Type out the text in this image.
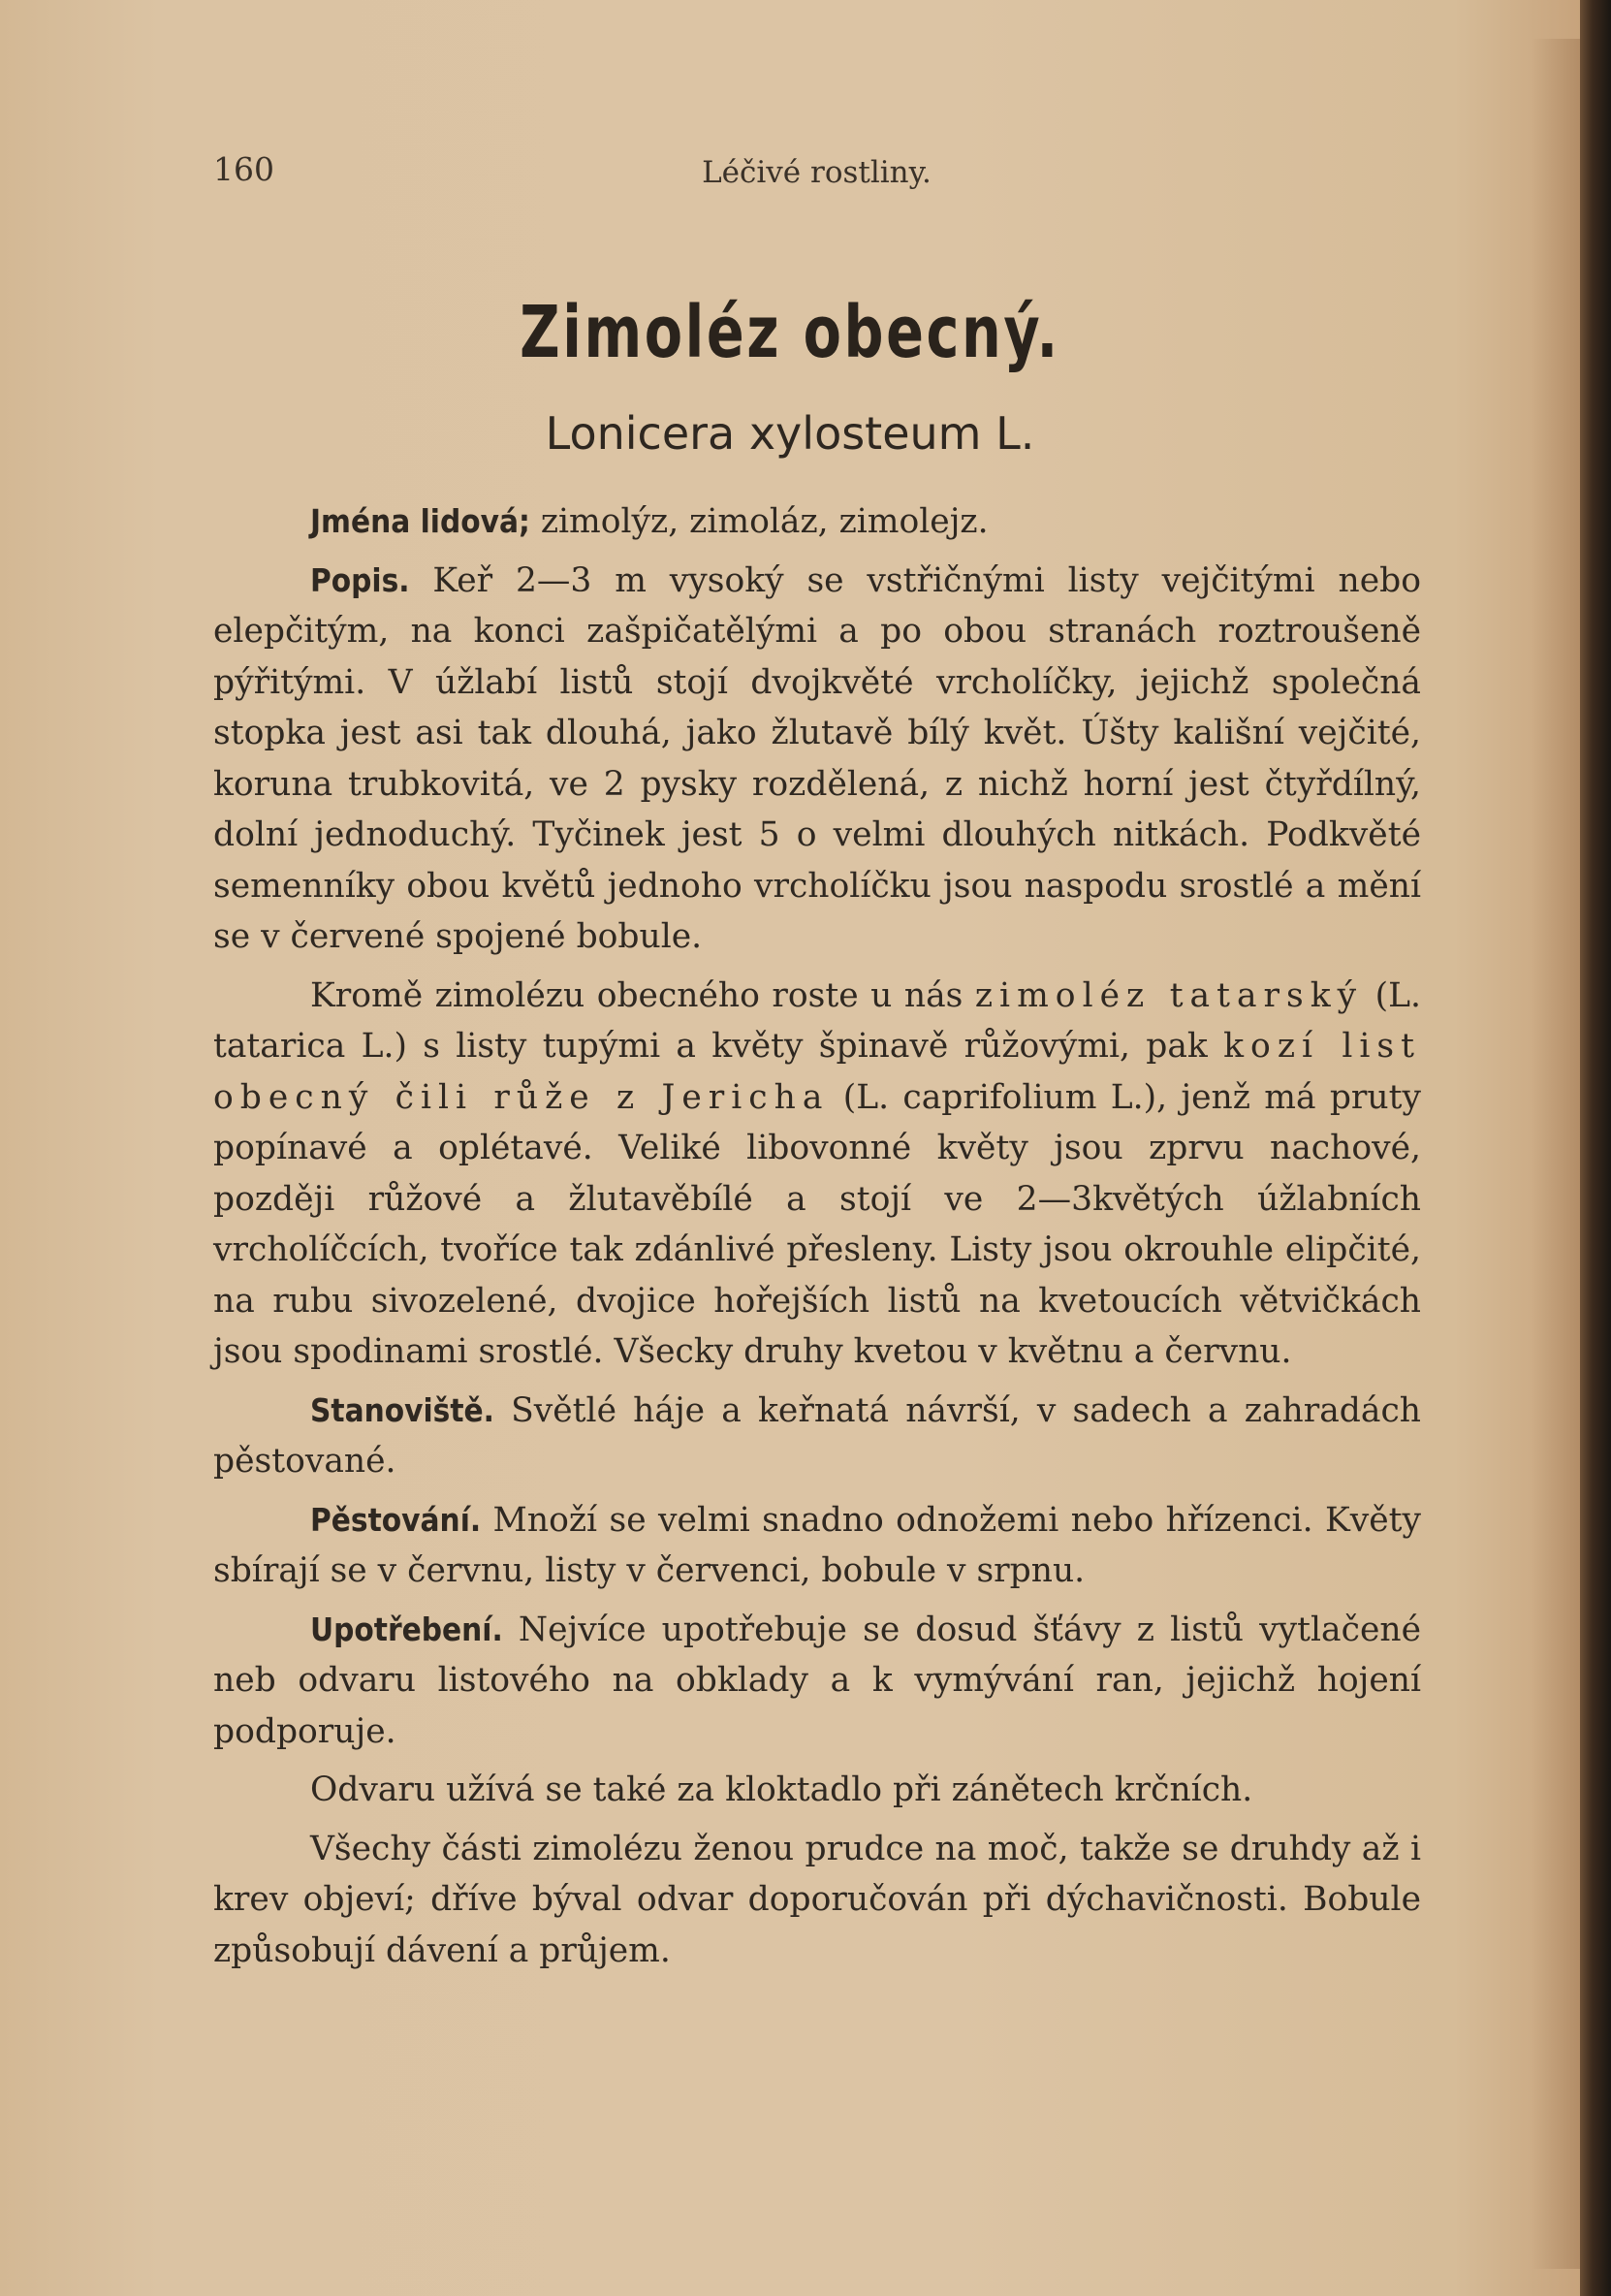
160	Léčivé rostliny.
Zimoléz obecný.
Lonicera xylosteum L.

Jména lidová; zimolýz, zimoláz, zimolejz.

Popis. Keř 2—3 m vysoký se vstřičnými listy vejčitými nebo elepčitým, na konci zašpičatělými a po obou stranách roztroušeně pýřitými. V úžlabí listů stojí dvojkvěté vrcholíčky, jejichž společná stopka jest asi tak dlouhá, jako žlutavě bílý květ. Úšty kališní vejčité, koruna trubkovitá, ve 2 pysky rozdělená, z nichž horní jest čtyřdílný, dolní jednoduchý. Tyčinek jest 5 o velmi dlouhých nitkách. Podkvěté semenníky obou květů jednoho vrcholíčku jsou naspodu srostlé a mění se v červené spojené bobule.

Kromě zimolézu obecného roste u nás zimoléz tatarský (L. tatarica L.) s listy tupými a květy špinavě růžovými, pak kozí list obecný čili růže z Jericha (L. caprifolium L.), jenž má pruty popínavé a oplétavé. Veliké libovonné květy jsou zprvu nachové, později růžové a žlutavěbílé a stojí ve 2—3květých úžlabních vrcholíčcích, tvoříce tak zdánlivé přesleny. Listy jsou okrouhle elipčité, na rubu sivozelené, dvojice hořejších listů na kvetoucích větvičkách jsou spodinami srostlé. Všecky druhy kvetou v květnu a červnu.

Stanoviště. Světlé háje a keřnatá návrší, v sadech a zahradách pěstované.

Pěstování. Množí se velmi snadno odnožemi nebo hřízenci. Květy sbírají se v červnu, listy v červenci, bobule v srpnu.

Upotřebení. Nejvíce upotřebuje se dosud šťávy z listů vytlačené neb odvaru listového na obklady a k vymývání ran, jejichž hojení podporuje.

Odvaru užívá se také za kloktadlo při zánětech krčních.

Všechy části zimolézu ženou prudce na moč, takže se druhdy až i krev objeví; dříve býval odvar doporučován při dýchavičnosti. Bobule způsobují dávení a průjem.
